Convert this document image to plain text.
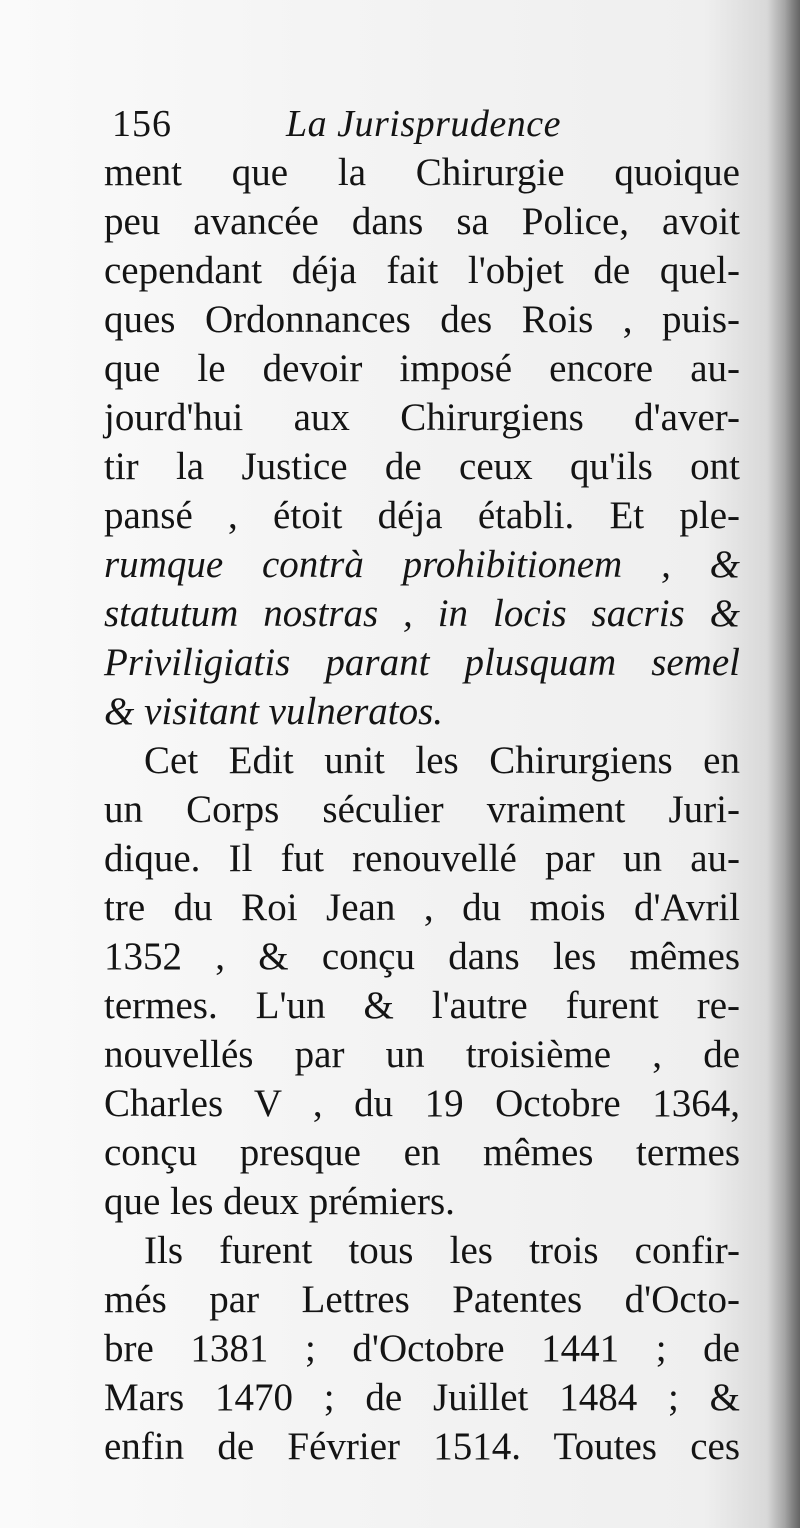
156	La Jurisprudence
ment que la Chirurgie quoique
peu avancée dans sa Police, avoit
cependant déja fait l'objet de quel-
ques Ordonnances des Rois , puis-
que le devoir imposé encore au-
jourd'hui aux Chirurgiens d'aver-
tir la Justice de ceux qu'ils ont
pansé , étoit déja établi. Et ple-
rumque contrà prohibitionem , &
statutum nostras , in locis sacris &
Priviligiatis parant plusquam semel
& visitant vulneratos.
Cet Edit unit les Chirurgiens en
un Corps séculier vraiment Juri-
dique. Il fut renouvellé par un au-
tre du Roi Jean , du mois d'Avril
1352 , & conçu dans les mêmes
termes. L'un & l'autre furent re-
nouvellés par un troisième , de
Charles V , du 19 Octobre 1364,
conçu presque en mêmes termes
que les deux prémiers.
Ils furent tous les trois confir-
més par Lettres Patentes d'Octo-
bre 1381 ; d'Octobre 1441 ; de
Mars 1470 ; de Juillet 1484 ; &
enfin de Février 1514. Toutes ces
